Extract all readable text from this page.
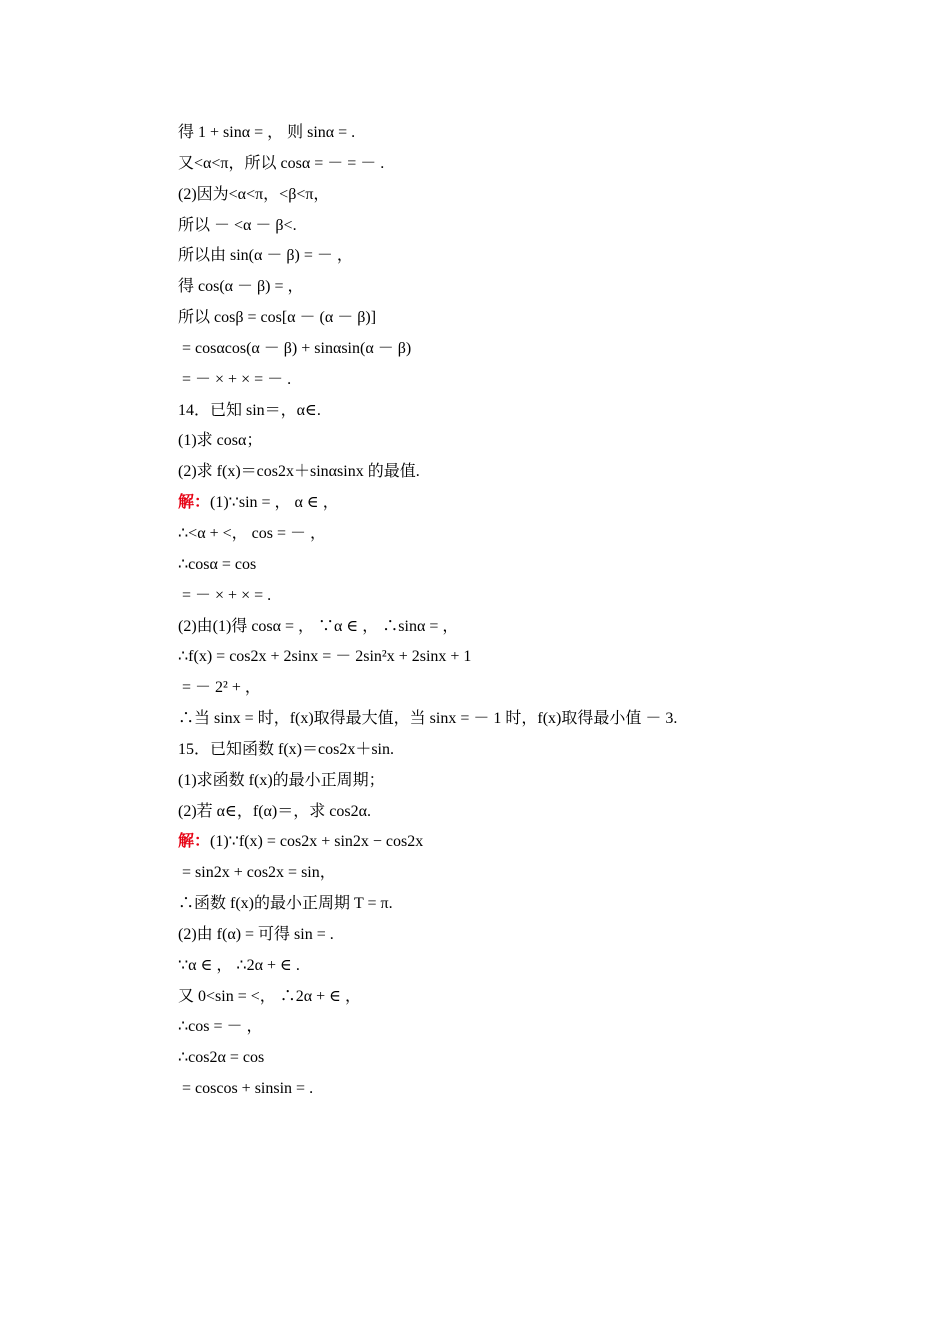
得 1 + sinα = ， 则 sinα = .
又<α<π，所以 cosα = － = － .
(2)因为<α<π，<β<π，
所以 － <α － β<.
所以由 sin(α － β) = － ，
得 cos(α － β) = ，
所以 cosβ = cos[α － (α － β)]
= cosαcos(α － β) + sinαsin(α － β)
= － × + × = － .
14．已知 sin＝，α∈.
(1)求 cosα；
(2)求 f(x)＝cos2x＋sinαsinx 的最值.
解：(1)∵sin = ， α ∈ ，
∴<α + <， cos = － ，
∴cosα = cos
= － × + × = .
(2)由(1)得 cosα = ， ∵α ∈ ， ∴sinα = ，
∴f(x) = cos2x + 2sinx = － 2sin²x + 2sinx + 1
= － 2² + ，
∴当 sinx = 时，f(x)取得最大值，当 sinx = － 1 时，f(x)取得最小值 － 3.
15．已知函数 f(x)＝cos2x＋sin.
(1)求函数 f(x)的最小正周期；
(2)若 α∈，f(α)＝，求 cos2α.
解：(1)∵f(x) = cos2x + sin2x − cos2x
= sin2x + cos2x = sin，
∴函数 f(x)的最小正周期 T = π.
(2)由 f(α) = 可得 sin = .
∵α ∈ ， ∴2α + ∈ .
又 0<sin = <， ∴2α + ∈ ，
∴cos = － ，
∴cos2α = cos
= coscos + sinsin = .
